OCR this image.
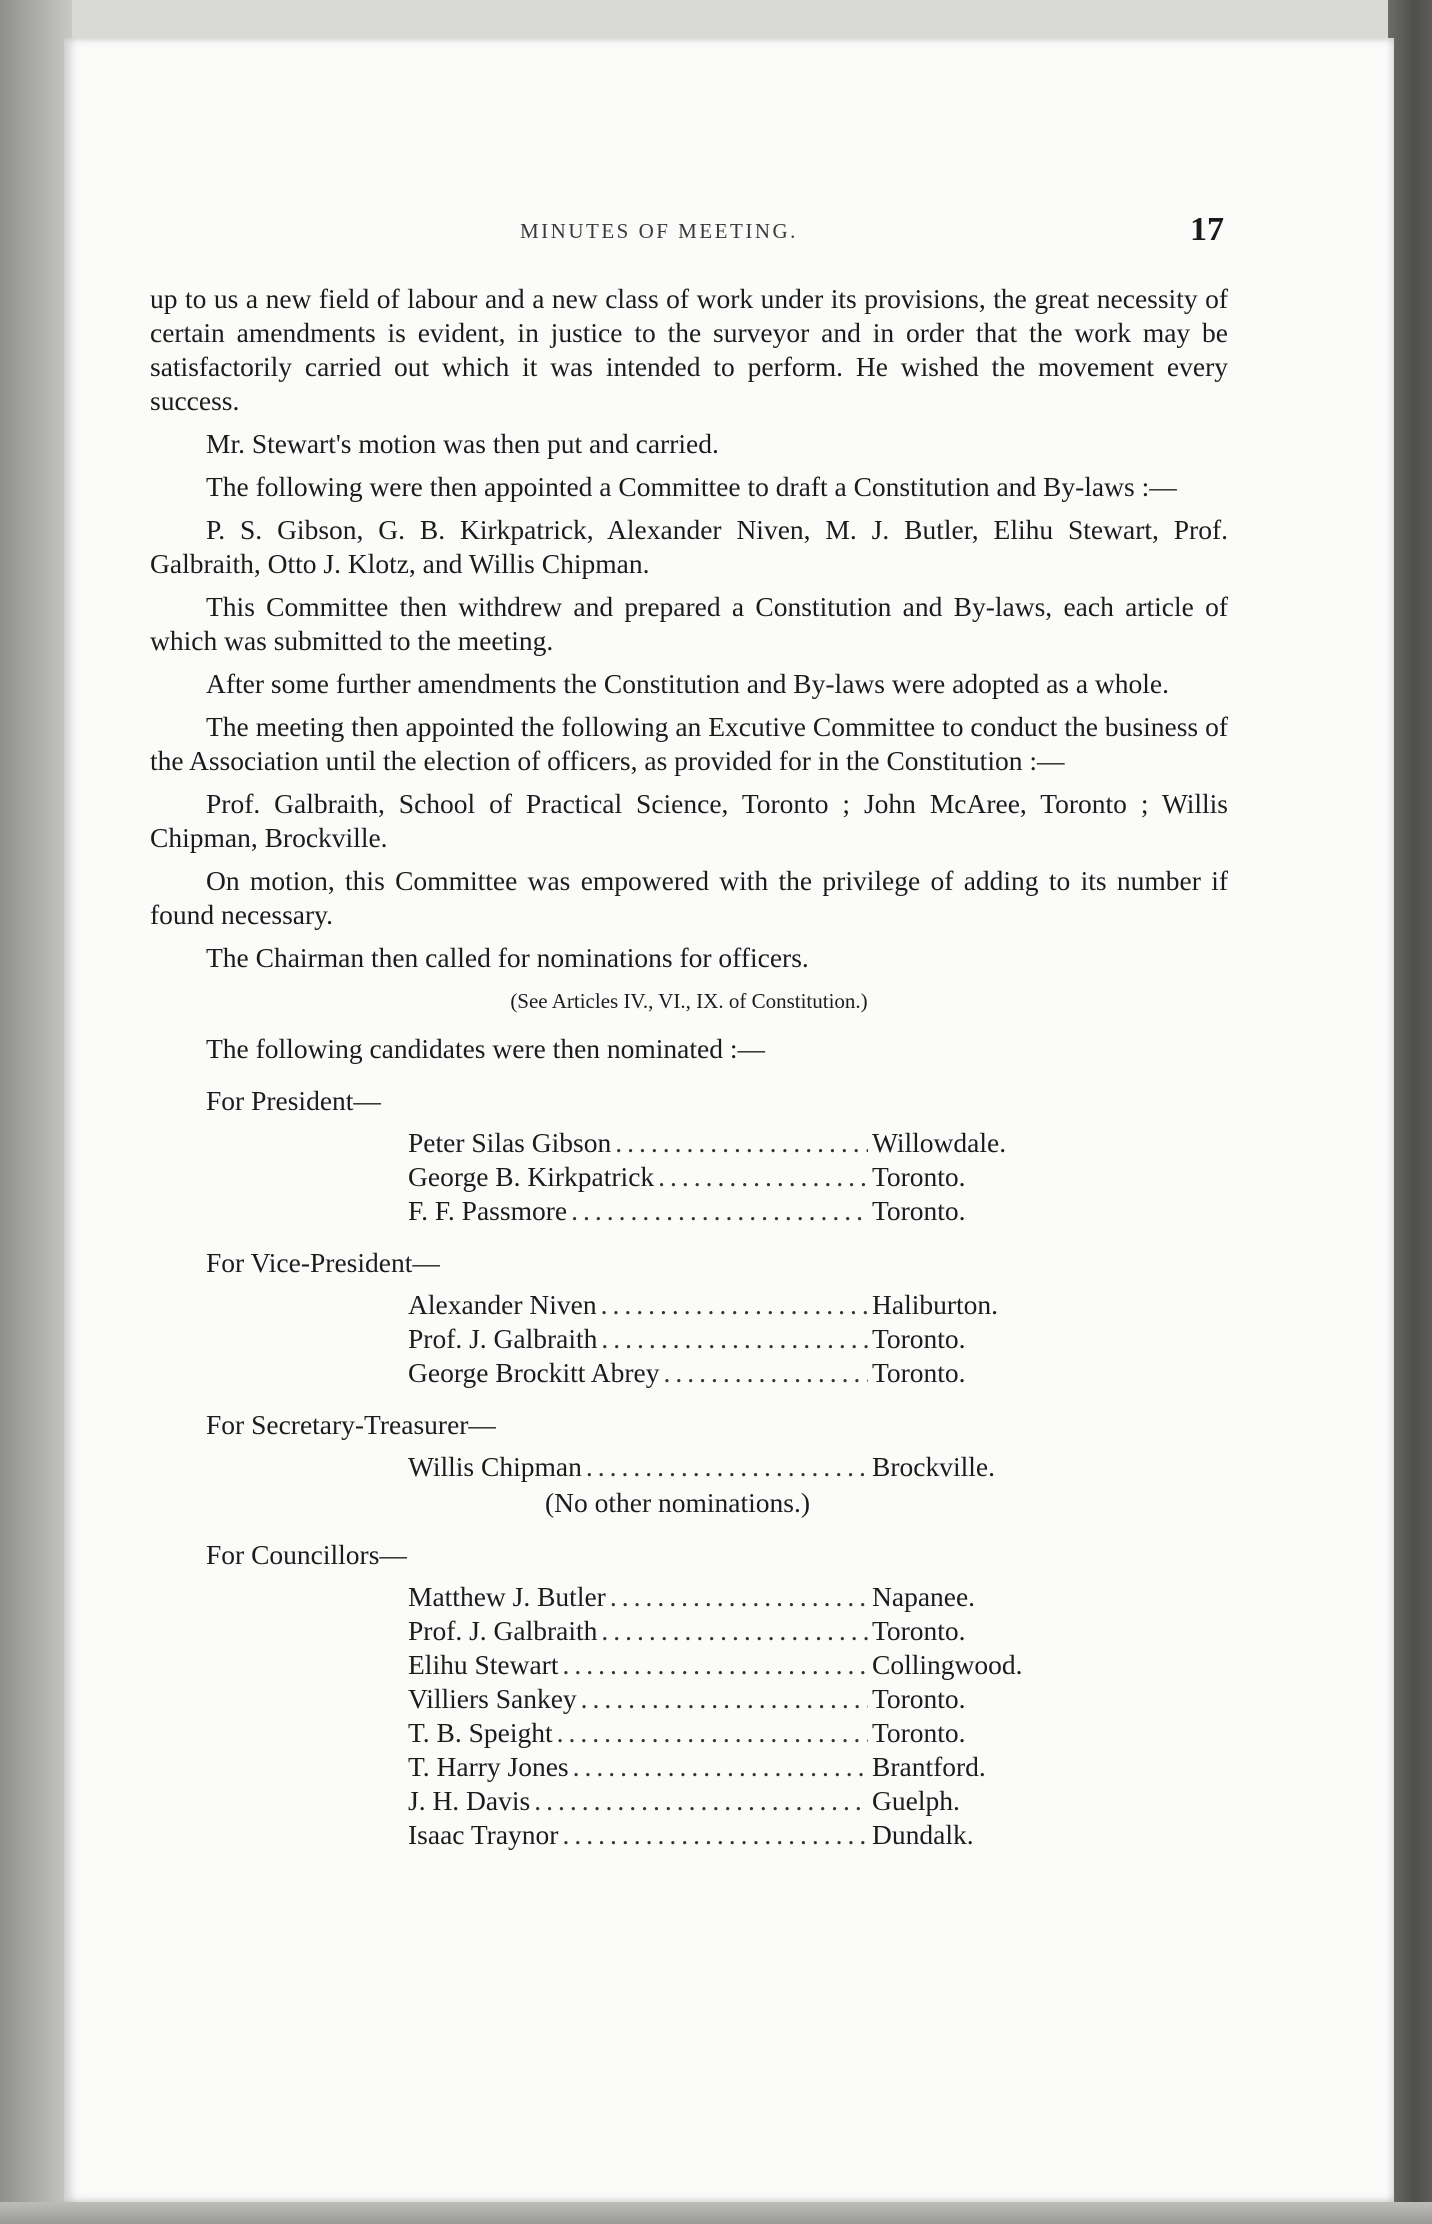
MINUTES OF MEETING.	17

up to us a new field of labour and a new class of work under its provisions, the great necessity of certain amendments is evident, in justice to the surveyor and in order that the work may be satisfactorily carried out which it was intended to perform. He wished the movement every success.

Mr. Stewart's motion was then put and carried.

The following were then appointed a Committee to draft a Constitution and By-laws :—

P. S. Gibson, G. B. Kirkpatrick, Alexander Niven, M. J. Butler, Elihu Stewart, Prof. Galbraith, Otto J. Klotz, and Willis Chipman.

This Committee then withdrew and prepared a Constitution and By-laws, each article of which was submitted to the meeting.

After some further amendments the Constitution and By-laws were adopted as a whole.

The meeting then appointed the following an Excutive Committee to conduct the business of the Association until the election of officers, as provided for in the Constitution :—

Prof. Galbraith, School of Practical Science, Toronto ; John McAree, Toronto ; Willis Chipman, Brockville.

On motion, this Committee was empowered with the privilege of adding to its number if found necessary.

The Chairman then called for nominations for officers.

(See Articles IV., VI., IX. of Constitution.)

The following candidates were then nominated :—

For President—
Peter Silas Gibson .....	Willowdale.
George B. Kirkpatrick .....	Toronto.
F. F. Passmore .....	Toronto.
For Vice-President—
Alexander Niven .....	Haliburton.
Prof. J. Galbraith .....	Toronto.
George Brockitt Abrey .....	Toronto.
For Secretary-Treasurer—
Willis Chipman .....	Brockville.
(No other nominations.)
For Councillors—
Matthew J. Butler .....	Napanee.
Prof. J. Galbraith .....	Toronto.
Elihu Stewart .....	Collingwood.
Villiers Sankey .....	Toronto.
T. B. Speight .....	Toronto.
T. Harry Jones .....	Brantford.
J. H. Davis .....	Guelph.
Isaac Traynor .....	Dundalk.
